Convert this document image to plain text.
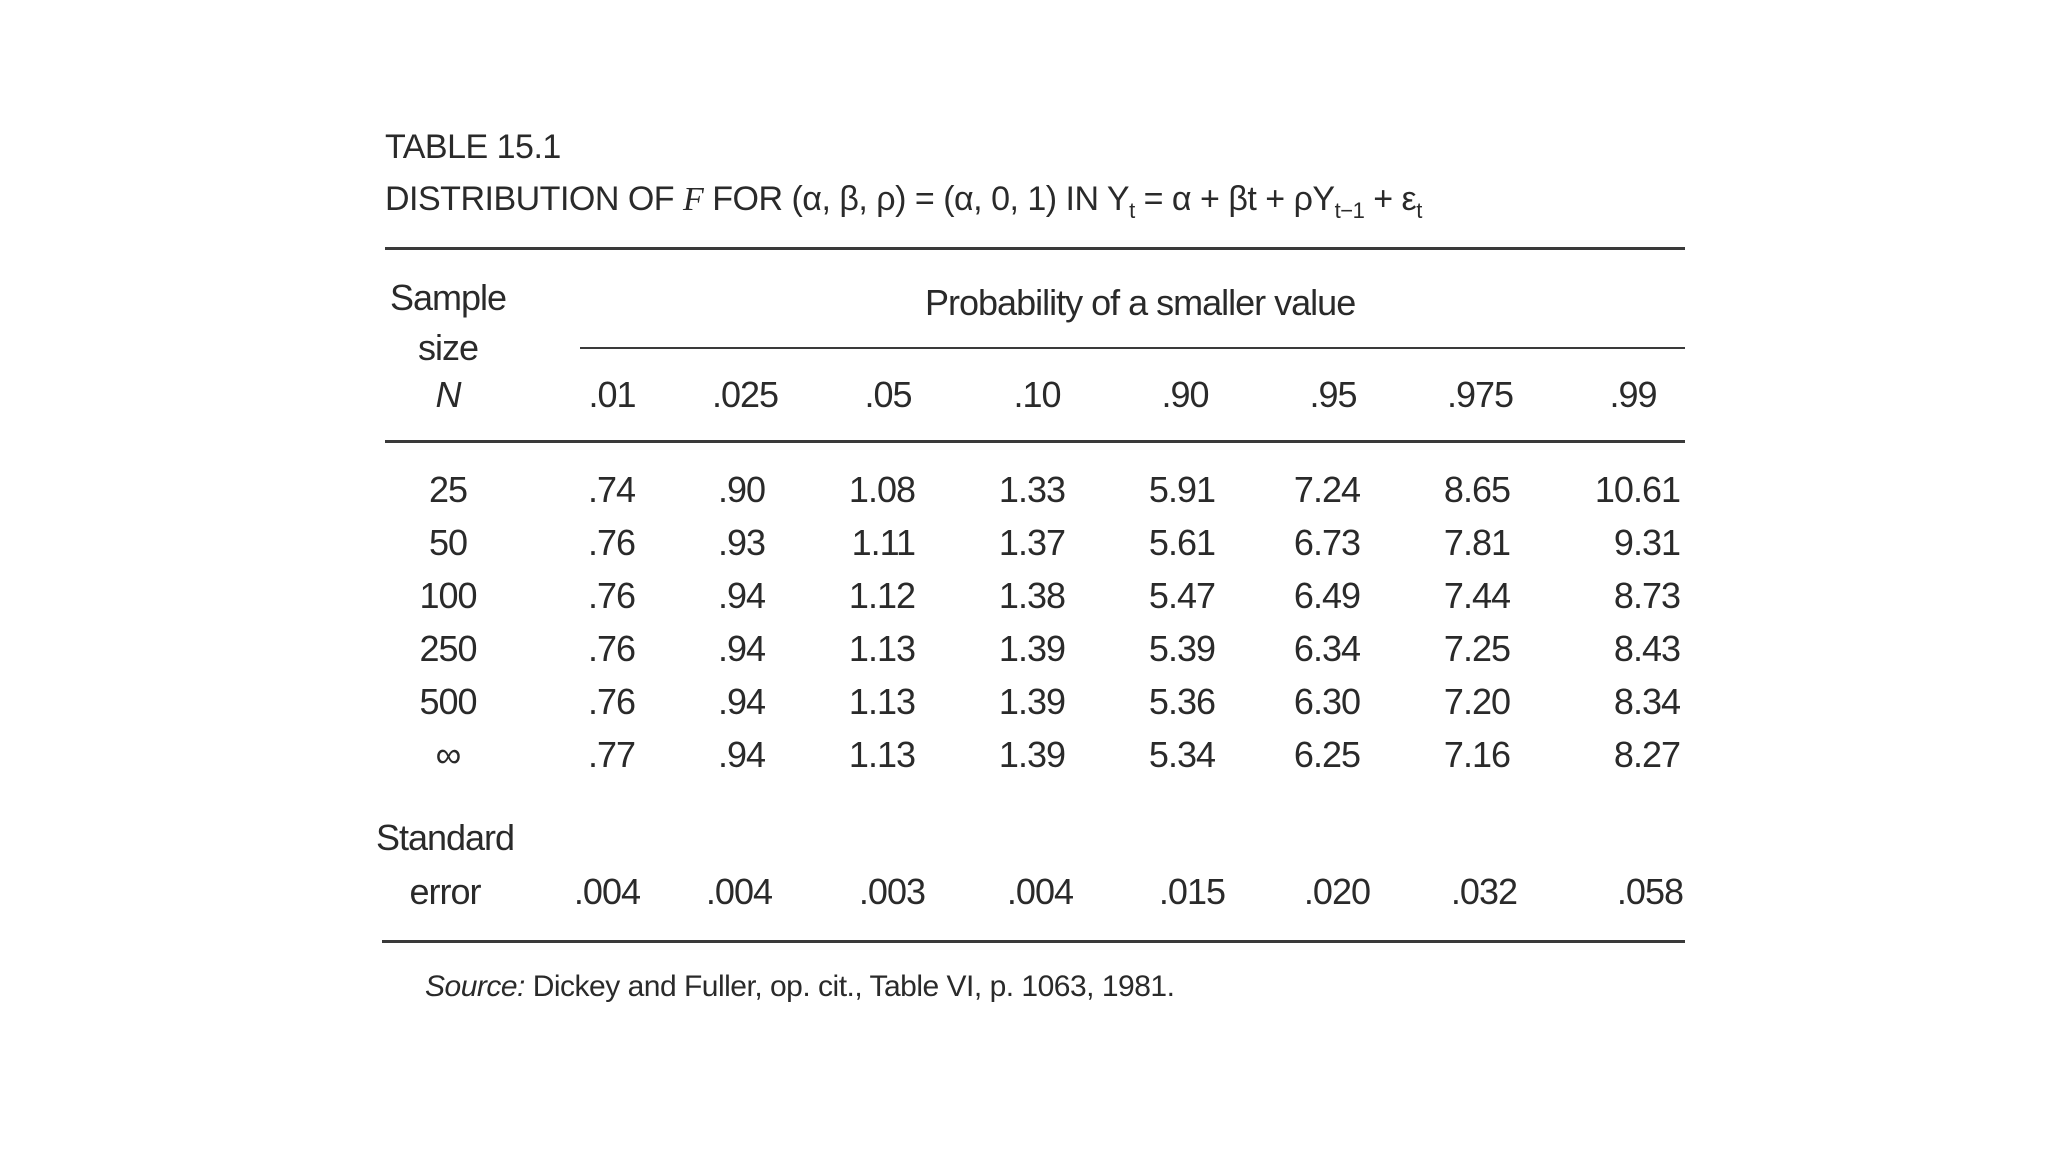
TABLE 15.1
DISTRIBUTION OF F FOR (α, β, ρ) = (α, 0, 1) IN $Y_t = \alpha + \beta t + \rho Y_{t-1} + \varepsilon_t$
Sample
size
N
Probability of a smaller value
.01	.025	.05	.10	.90	.95	.975	.99
25	.74	.90	1.08	1.33	5.91	7.24	8.65	10.61
50	.76	.93	1.11	1.37	5.61	6.73	7.81	9.31
100	.76	.94	1.12	1.38	5.47	6.49	7.44	8.73
250	.76	.94	1.13	1.39	5.39	6.34	7.25	8.43
500	.76	.94	1.13	1.39	5.36	6.30	7.20	8.34
∞	.77	.94	1.13	1.39	5.34	6.25	7.16	8.27
Standard
error	.004	.004	.003	.004	.015	.020	.032	.058
Source: Dickey and Fuller, op. cit., Table VI, p. 1063, 1981.
